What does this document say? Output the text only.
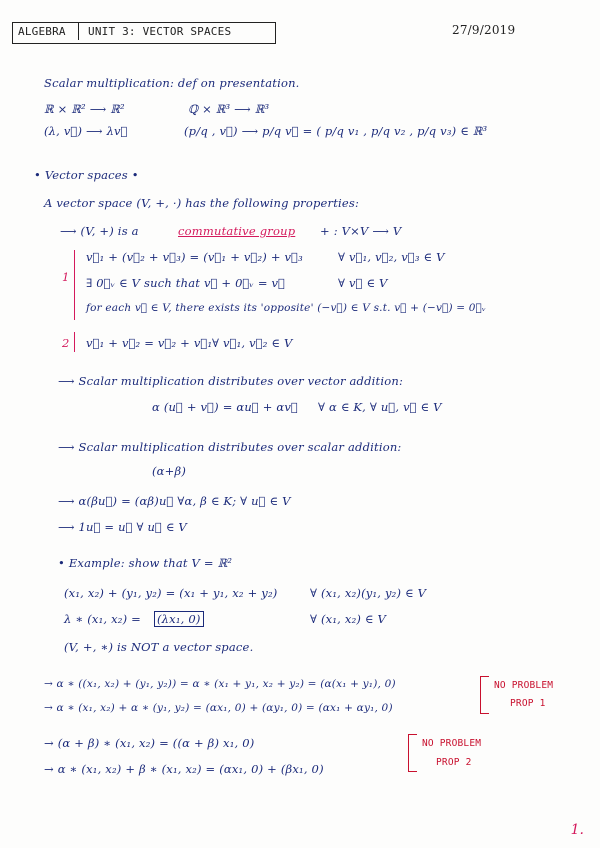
ALGEBRA UNIT 3: VECTOR SPACES	27/9/2019
Scalar multiplication: def on presentation.
ℝ × ℝ² ⟶ ℝ²	ℚ × ℝ³ ⟶ ℝ³
(λ, v⃗) ⟶ λv⃗	(p/q , v⃗) ⟶ p/q v⃗ = ( p/q v₁ , p/q v₂ , p/q v₃) ∈ ℝ³
• Vector spaces •
A vector space (V, +, ·) has the following properties:
⟶ (V, +) is a	commutative group + : V×V ⟶ V
1
v⃗₁ + (v⃗₂ + v⃗₃) = (v⃗₁ + v⃗₂) + v⃗₃	∀ v⃗₁, v⃗₂, v⃗₃ ∈ V
∃ 0⃗ᵥ ∈ V such that v⃗ + 0⃗ᵥ = v⃗	∀ v⃗ ∈ V
for each v⃗ ∈ V, there exists its 'opposite' (−v⃗) ∈ V s.t. v⃗ + (−v⃗) = 0⃗ᵥ
2 v⃗₁ + v⃗₂ = v⃗₂ + v⃗₁ ∀ v⃗₁, v⃗₂ ∈ V
⟶ Scalar multiplication distributes over vector addition:
α (u⃗ + v⃗) = αu⃗ + αv⃗ ∀ α ∈ K, ∀ u⃗, v⃗ ∈ V
⟶ Scalar multiplication distributes over scalar addition:
(α+β)
⟶ α(βu⃗) = (αβ)u⃗ ∀α, β ∈ K; ∀ u⃗ ∈ V
⟶ 1u⃗ = u⃗ ∀ u⃗ ∈ V
• Example: show that V = ℝ²
(x₁, x₂) + (y₁, y₂) = (x₁ + y₁, x₂ + y₂)	∀ (x₁, x₂)(y₁, y₂) ∈ V
λ ∗ (x₁, x₂) = (λx₁, 0)	∀ (x₁, x₂) ∈ V
(V, +, ∗) is NOT a vector space.
→ α ∗ ((x₁, x₂) + (y₁, y₂)) = α ∗ (x₁ + y₁, x₂ + y₂) = (α(x₁ + y₁), 0)
→ α ∗ (x₁, x₂) + α ∗ (y₁, y₂) = (αx₁, 0) + (αy₁, 0) = (αx₁ + αy₁, 0)
NO PROBLEM
PROP 1
→ (α + β) ∗ (x₁, x₂) = ((α + β) x₁, 0)
→ α ∗ (x₁, x₂) + β ∗ (x₁, x₂) = (αx₁, 0) + (βx₁, 0)
NO PROBLEM
PROP 2
1.
